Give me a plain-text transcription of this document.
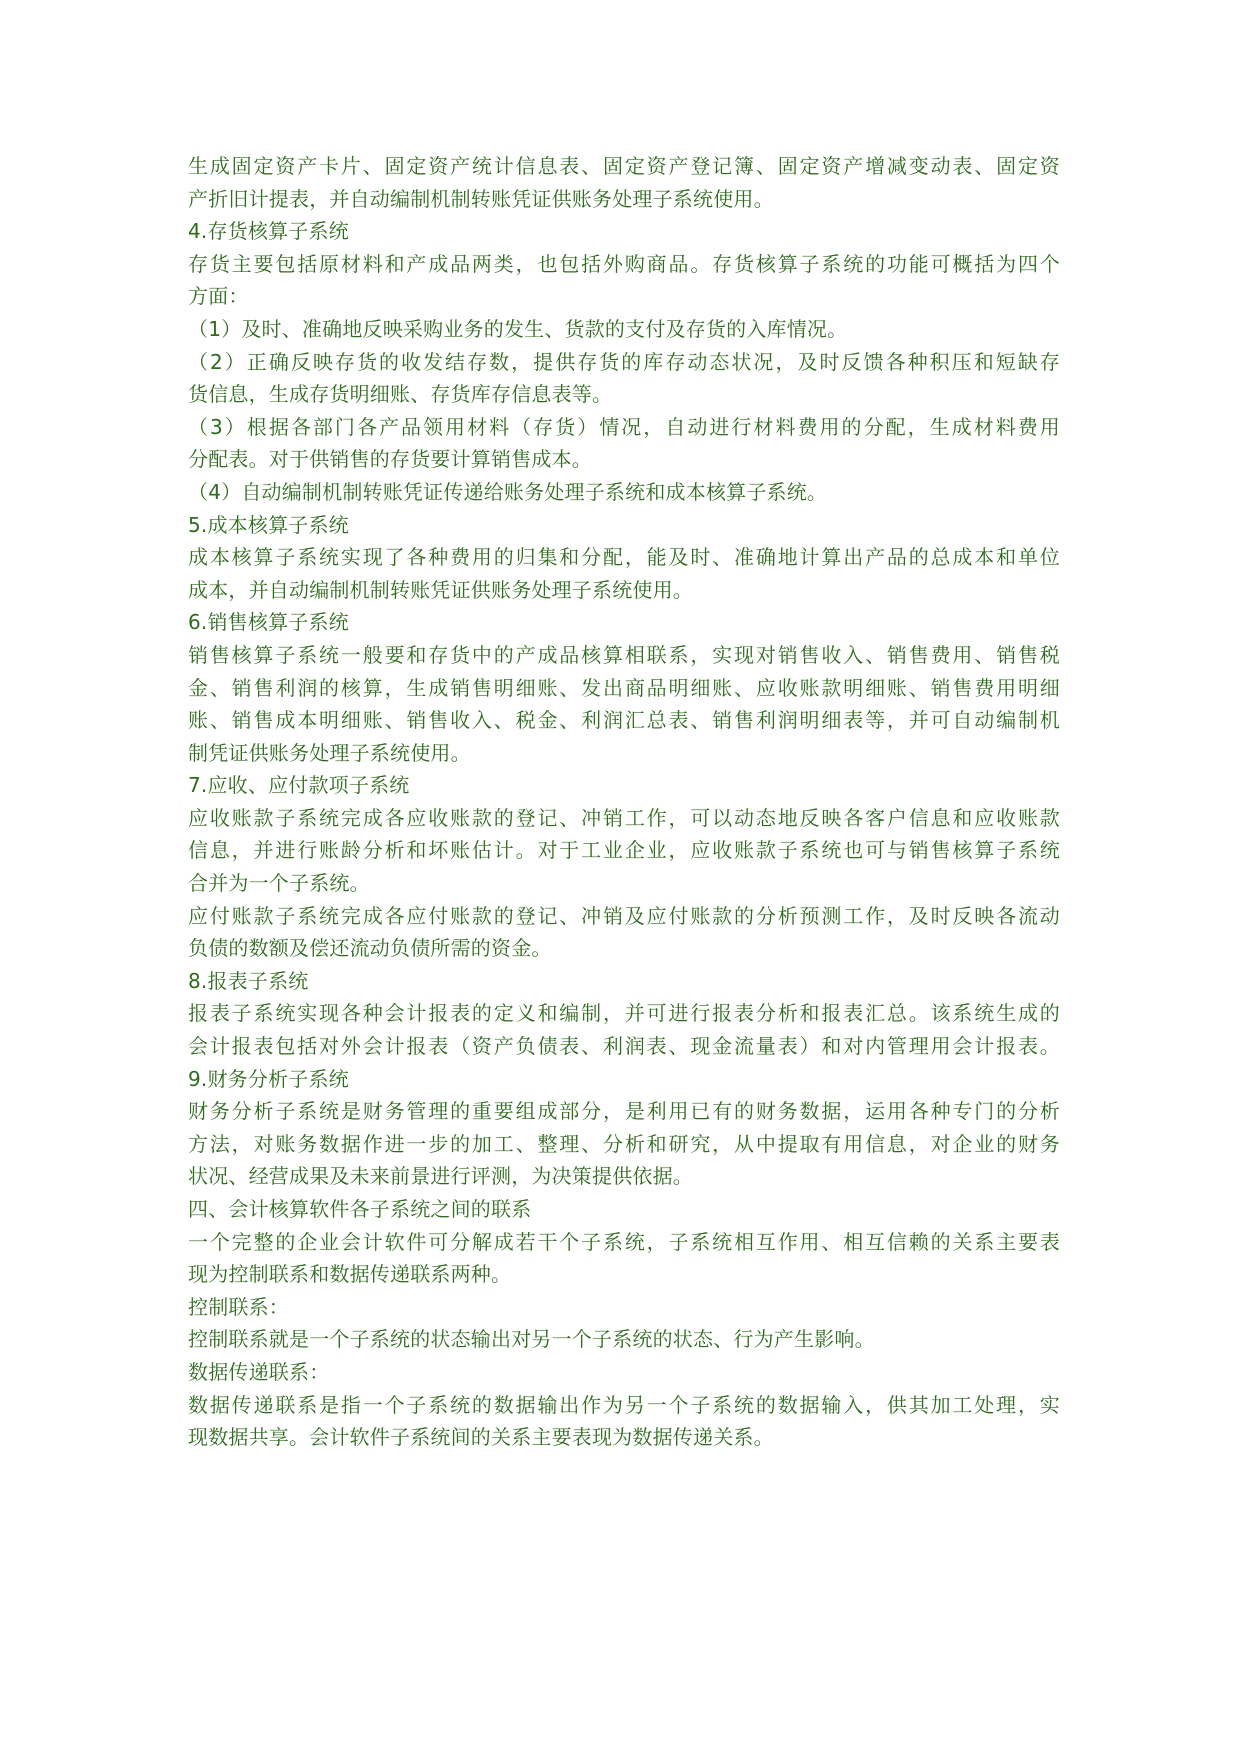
生成固定资产卡片、固定资产统计信息表、固定资产登记簿、固定资产增减变动表、固定资
产折旧计提表，并自动编制机制转账凭证供账务处理子系统使用。
4.存货核算子系统
存货主要包括原材料和产成品两类，也包括外购商品。存货核算子系统的功能可概括为四个
方面：
（1）及时、准确地反映采购业务的发生、货款的支付及存货的入库情况。
（2）正确反映存货的收发结存数，提供存货的库存动态状况，及时反馈各种积压和短缺存
货信息，生成存货明细账、存货库存信息表等。
（3）根据各部门各产品领用材料（存货）情况，自动进行材料费用的分配，生成材料费用
分配表。对于供销售的存货要计算销售成本。
（4）自动编制机制转账凭证传递给账务处理子系统和成本核算子系统。
5.成本核算子系统
成本核算子系统实现了各种费用的归集和分配，能及时、准确地计算出产品的总成本和单位
成本，并自动编制机制转账凭证供账务处理子系统使用。
6.销售核算子系统
销售核算子系统一般要和存货中的产成品核算相联系，实现对销售收入、销售费用、销售税
金、销售利润的核算，生成销售明细账、发出商品明细账、应收账款明细账、销售费用明细
账、销售成本明细账、销售收入、税金、利润汇总表、销售利润明细表等，并可自动编制机
制凭证供账务处理子系统使用。
7.应收、应付款项子系统
应收账款子系统完成各应收账款的登记、冲销工作，可以动态地反映各客户信息和应收账款
信息，并进行账龄分析和坏账估计。对于工业企业，应收账款子系统也可与销售核算子系统
合并为一个子系统。
应付账款子系统完成各应付账款的登记、冲销及应付账款的分析预测工作，及时反映各流动
负债的数额及偿还流动负债所需的资金。
8.报表子系统
报表子系统实现各种会计报表的定义和编制，并可进行报表分析和报表汇总。该系统生成的
会计报表包括对外会计报表（资产负债表、利润表、现金流量表）和对内管理用会计报表。
9.财务分析子系统
财务分析子系统是财务管理的重要组成部分，是利用已有的财务数据，运用各种专门的分析
方法，对账务数据作进一步的加工、整理、分析和研究，从中提取有用信息，对企业的财务
状况、经营成果及未来前景进行评测，为决策提供依据。
四、会计核算软件各子系统之间的联系
一个完整的企业会计软件可分解成若干个子系统，子系统相互作用、相互信赖的关系主要表
现为控制联系和数据传递联系两种。
控制联系：
控制联系就是一个子系统的状态输出对另一个子系统的状态、行为产生影响。
数据传递联系：
数据传递联系是指一个子系统的数据输出作为另一个子系统的数据输入，供其加工处理，实
现数据共享。会计软件子系统间的关系主要表现为数据传递关系。
